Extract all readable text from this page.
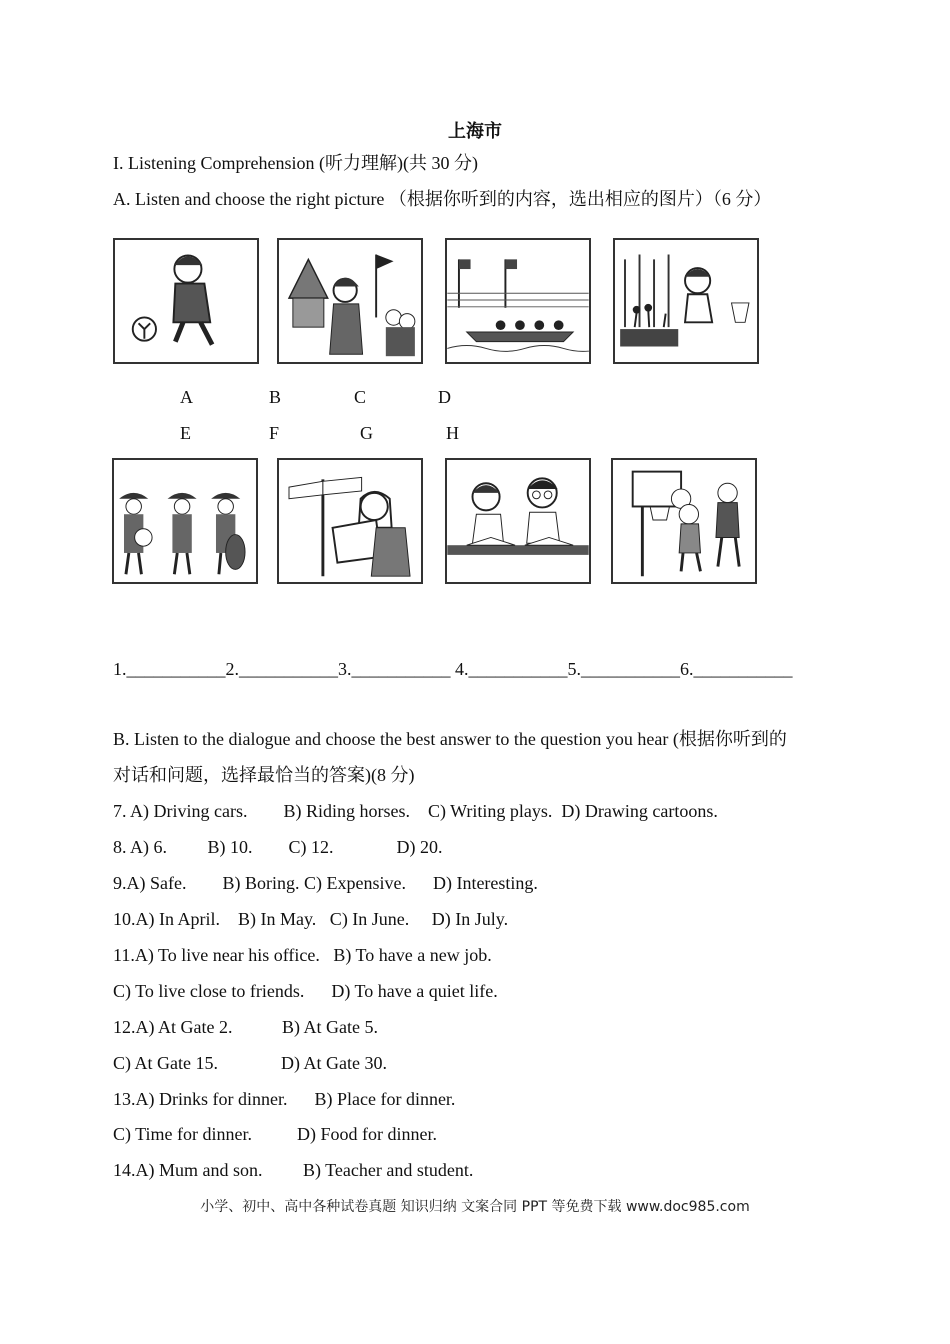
上海市
I. Listening Comprehension (听力理解)(共 30 分)
A. Listen and choose the right picture （根据你听到的内容，选出相应的图片）（6 分）
A	B	C	D
E	F	G	H
1.___________2.___________3.___________ 4.___________5.___________6.___________
B. Listen to the dialogue and choose the best answer to the question you hear (根据你听到的
对话和问题，选择最恰当的答案)(8 分)
7. A) Driving cars.        B) Riding horses.    C) Writing plays.  D) Drawing cartoons.
8. A) 6.         B) 10.        C) 12.              D) 20.
9.A) Safe.        B) Boring. C) Expensive.      D) Interesting.
10.A) In April.    B) In May.   C) In June.     D) In July.
11.A) To live near his office.   B) To have a new job.
C) To live close to friends.      D) To have a quiet life.
12.A) At Gate 2.           B) At Gate 5.
C) At Gate 15.              D) At Gate 30.
13.A) Drinks for dinner.      B) Place for dinner.
C) Time for dinner.          D) Food for dinner.
14.A) Mum and son.         B) Teacher and student.
小学、初中、高中各种试卷真题 知识归纳 文案合同 PPT 等免费下载 www.doc985.com
